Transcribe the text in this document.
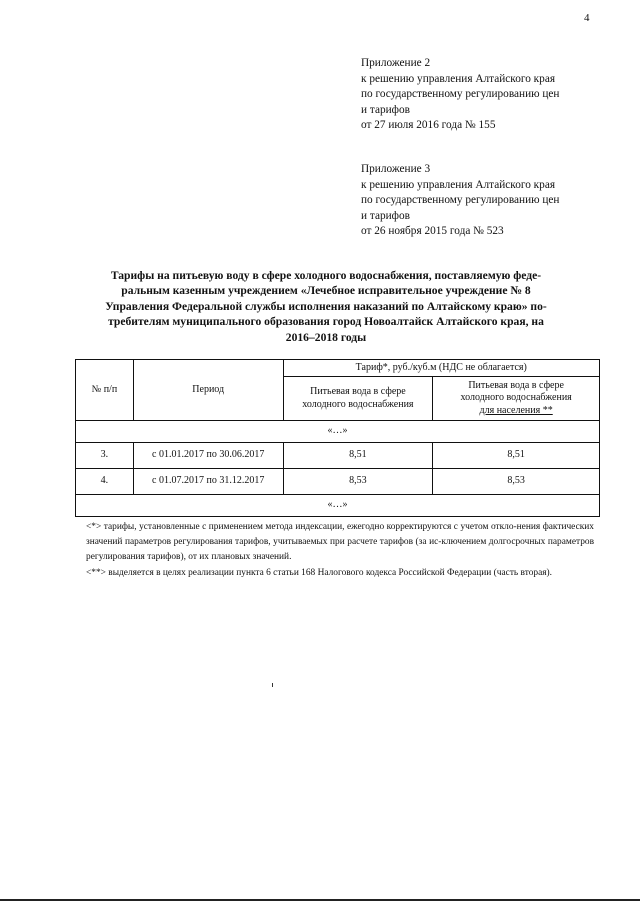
4
Приложение 2
к решению управления Алтайского края
по государственному регулированию цен
и тарифов
от 27 июля 2016 года № 155
Приложение 3
к решению управления Алтайского края
по государственному регулированию цен
и тарифов
от 26 ноября 2015 года № 523
Тарифы на питьевую воду в сфере холодного водоснабжения, поставляемую феде-
ральным казенным учреждением «Лечебное исправительное учреждение № 8
Управления Федеральной службы исполнения наказаний по Алтайскому краю» по-
требителям муниципального образования город Новоалтайск Алтайского края, на
2016–2018 годы
№ п/п	Период	Тариф*, руб./куб.м (НДС не облагается)	
		Питьевая вода в сфере холодного водоснабжения	Питьевая вода в сфере
холодного водоснабжения
для населения **

«…»			
3.	с 01.01.2017 по 30.06.2017	8,51	8,51
4.	с 01.07.2017 по 31.12.2017	8,53	8,53
«…»			

<*> тарифы, установленные с применением метода индексации, ежегодно корректируются с учетом откло-нения фактических значений параметров регулирования тарифов, учитываемых при расчете тарифов (за ис-ключением долгосрочных параметров регулирования тарифов), от их плановых значений.

<**> выделяется в целях реализации пункта 6 статьи 168 Налогового кодекса Российской Федерации (часть вторая).
